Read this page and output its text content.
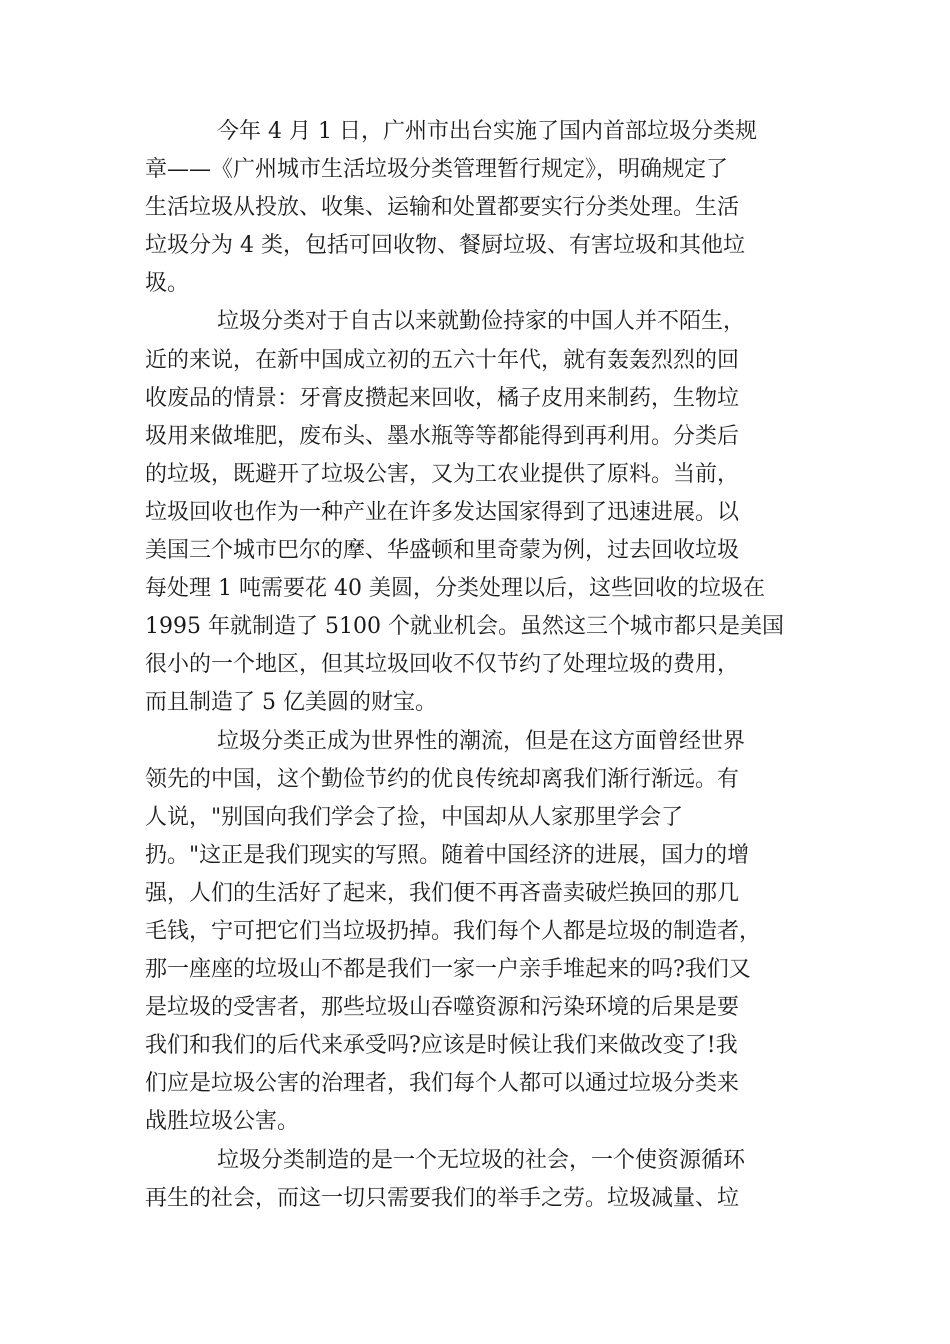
今年 4 月 1 日，广州市出台实施了国内首部垃圾分类规
章——《广州城市生活垃圾分类管理暂行规定》，明确规定了
生活垃圾从投放、收集、运输和处置都要实行分类处理。生活
垃圾分为 4 类，包括可回收物、餐厨垃圾、有害垃圾和其他垃
圾。

垃圾分类对于自古以来就勤俭持家的中国人并不陌生，
近的来说，在新中国成立初的五六十年代，就有轰轰烈烈的回
收废品的情景：牙膏皮攒起来回收，橘子皮用来制药，生物垃
圾用来做堆肥，废布头、墨水瓶等等都能得到再利用。分类后
的垃圾，既避开了垃圾公害，又为工农业提供了原料。当前，
垃圾回收也作为一种产业在许多发达国家得到了迅速进展。以
美国三个城市巴尔的摩、华盛顿和里奇蒙为例，过去回收垃圾
每处理 1 吨需要花 40 美圆，分类处理以后，这些回收的垃圾在
1995 年就制造了 5100 个就业机会。虽然这三个城市都只是美国
很小的一个地区，但其垃圾回收不仅节约了处理垃圾的费用，
而且制造了 5 亿美圆的财宝。

垃圾分类正成为世界性的潮流，但是在这方面曾经世界
领先的中国，这个勤俭节约的优良传统却离我们渐行渐远。有
人说，"别国向我们学会了捡，中国却从人家那里学会了
扔。"这正是我们现实的写照。随着中国经济的进展，国力的增
强，人们的生活好了起来，我们便不再吝啬卖破烂换回的那几
毛钱，宁可把它们当垃圾扔掉。我们每个人都是垃圾的制造者，
那一座座的垃圾山不都是我们一家一户亲手堆起来的吗?我们又
是垃圾的受害者，那些垃圾山吞噬资源和污染环境的后果是要
我们和我们的后代来承受吗?应该是时候让我们来做改变了!我
们应是垃圾公害的治理者，我们每个人都可以通过垃圾分类来
战胜垃圾公害。

垃圾分类制造的是一个无垃圾的社会，一个使资源循环
再生的社会，而这一切只需要我们的举手之劳。垃圾减量、垃
